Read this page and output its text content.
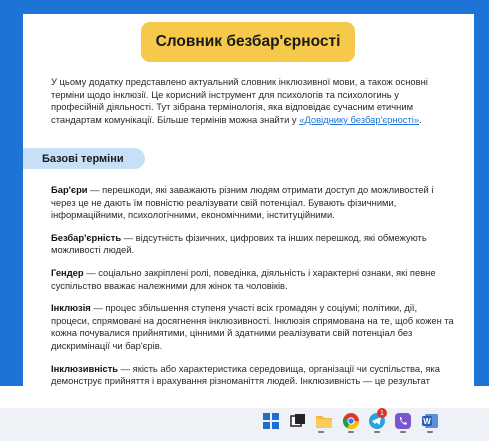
Словник безбар'єрності
У цьому додатку представлено актуальний словник інклюзивної мови, а також основні терміни щодо інклюзії. Це корисний інструмент для психологів та психологинь у професійній діяльності. Тут зібрана термінологія, яка відповідає сучасним етичним стандартам комунікації. Більше термінів можна знайти у «Довіднику безбар'єрності».
Базові терміни

Бар'єри — перешкоди, які заважають різним людям отримати доступ до можливостей і через це не дають їм повністю реалізувати свій потенціал. Бувають фізичними, інформаційними, психологічними, економічними, інституційними.

Безбар'єрність — відсутність фізичних, цифрових та інших перешкод, які обмежують можливості людей.

Гендер — соціально закріплені ролі, поведінка, діяльність і характерні ознаки, які певне суспільство вважає належними для жінок та чоловіків.

Інклюзія — процес збільшення ступеня участі всіх громадян у соціумі; політики, дії, процеси, спрямовані на досягнення інклюзивності. Інклюзія спрямована на те, щоб кожен та кожна почувалися прийнятими, цінними й здатними реалізувати свій потенціал без дискримінації чи бар'єрів.

Інклюзивність — якість або характеристика середовища, організації чи суспільства, яка демонструє прийняття і врахування різноманіття людей. Інклюзивність — це результат

1
W
